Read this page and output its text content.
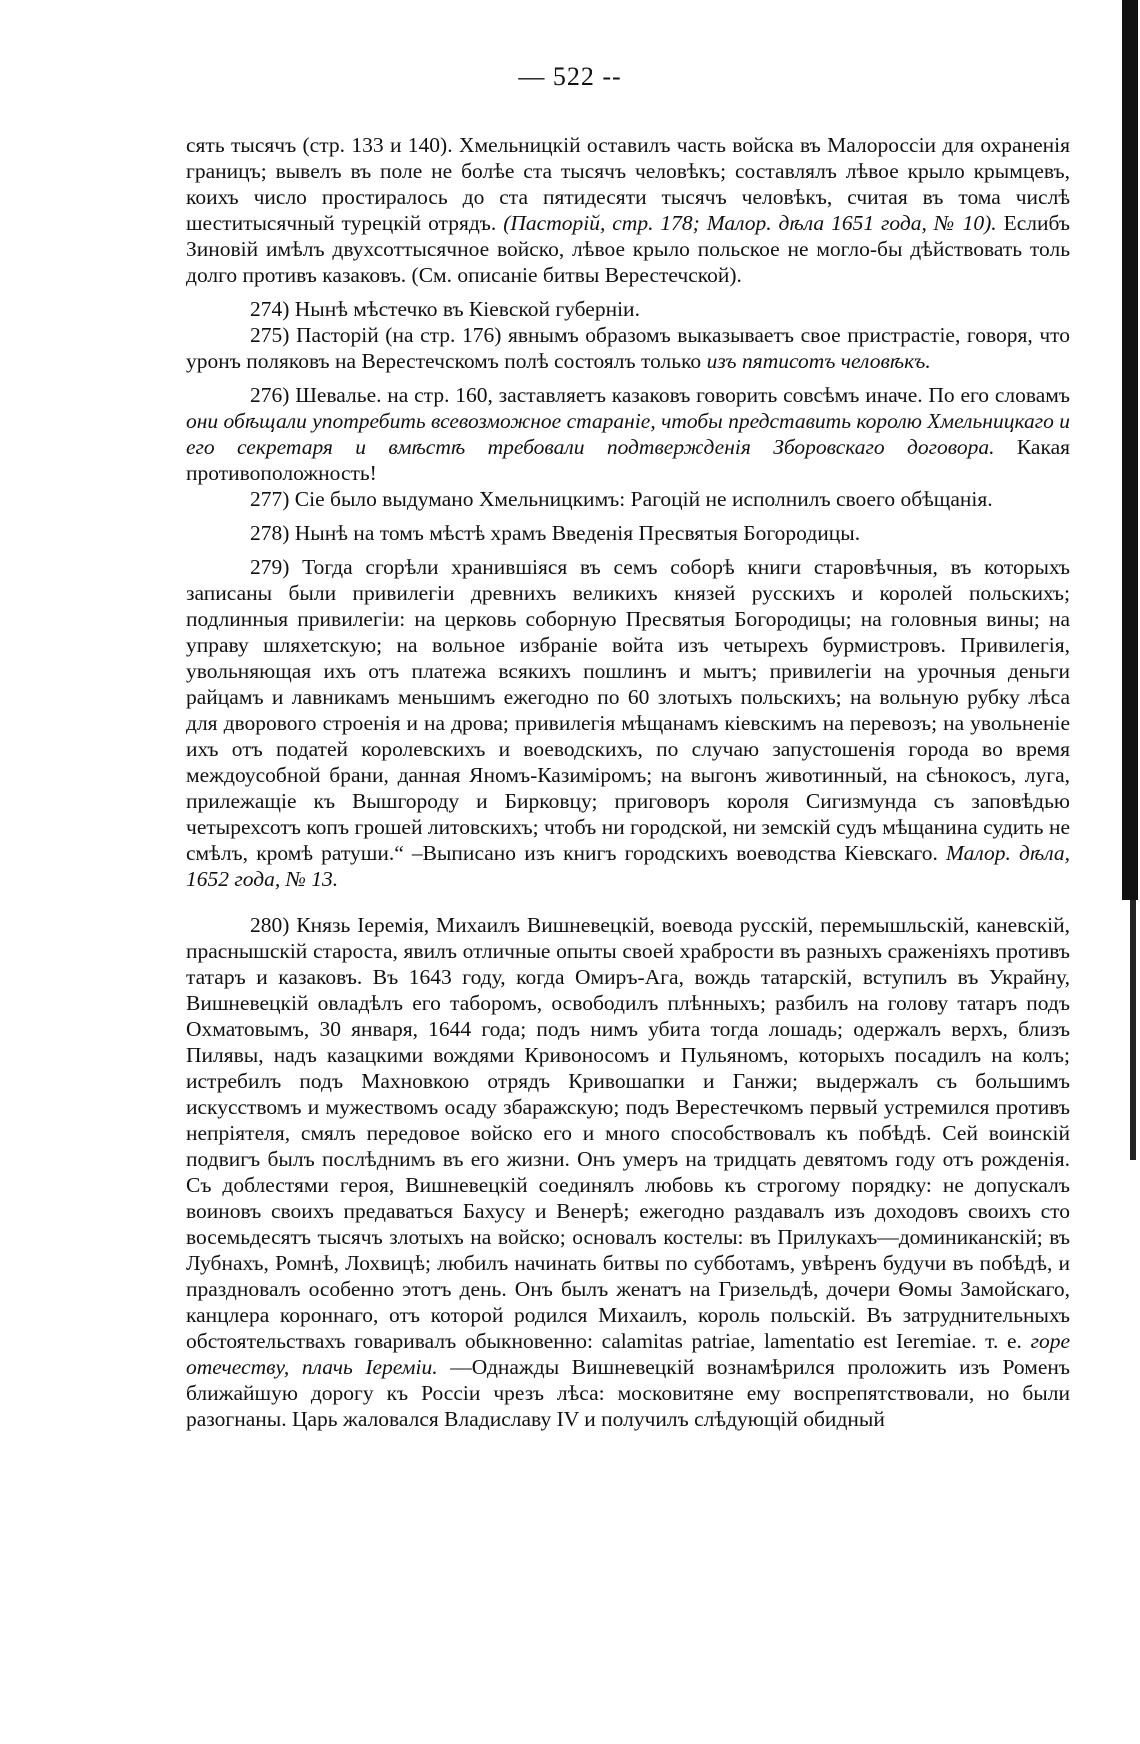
— 522 --

сять тысячъ (стр. 133 и 140). Хмельницкій оставилъ часть войска въ Малороссіи для охраненія границъ; вывелъ въ поле не болѣе ста тысячъ человѣкъ; составлялъ лѣвое крыло крымцевъ, коихъ число простиралось до ста пятидесяти тысячъ человѣкъ, считая въ тома числѣ шеститысячный турецкій отрядъ. (Пасторій, стр. 178; Малор. дѣла 1651 года, № 10). Еслибъ Зиновій имѣлъ двухсоттысячное войско, лѣвое крыло польское не могло-бы дѣйствовать толь долго противъ казаковъ. (См. описаніе битвы Верестечской).

274) Нынѣ мѣстечко въ Кіевской губерніи.

275) Пасторій (на стр. 176) явнымъ образомъ выказываетъ свое пристрастіе, говоря, что уронъ поляковъ на Верестечскомъ полѣ состоялъ только изъ пятисотъ человѣкъ.

276) Шевалье. на стр. 160, заставляетъ казаковъ говорить совсѣмъ иначе. По его словамъ они обѣщали употребить всевозможное стараніе, чтобы представить королю Хмельницкаго и его секретаря и вмѣстѣ требовали подтвержденія Зборовскаго договора. Какая противоположность!

277) Сіе было выдумано Хмельницкимъ: Рагоцій не исполнилъ своего обѣщанія.

278) Нынѣ на томъ мѣстѣ храмъ Введенія Пресвятыя Богородицы.

279) Тогда сгорѣли хранившіяся въ семъ соборѣ книги старовѣчныя, въ которыхъ записаны были привилегіи древнихъ великихъ князей русскихъ и королей польскихъ; подлинныя привилегіи: на церковь соборную Пресвятыя Богородицы; на головныя вины; на управу шляхетскую; на вольное избраніе войта изъ четырехъ бурмистровъ. Привилегія, увольняющая ихъ отъ платежа всякихъ пошлинъ и мытъ; привилегіи на урочныя деньги райцамъ и лавникамъ меньшимъ ежегодно по 60 злотыхъ польскихъ; на вольную рубку лѣса для дворового строенія и на дрова; привилегія мѣщанамъ кіевскимъ на перевозъ; на увольненіе ихъ отъ податей королевскихъ и воеводскихъ, по случаю запустошенія города во время междоусобной брани, данная Яномъ-Казиміромъ; на выгонъ животинный, на сѣнокосъ, луга, прилежащіе къ Вышгороду и Бирковцу; приговоръ короля Сигизмунда съ заповѣдью четырехсотъ копъ грошей литовскихъ; чтобъ ни городской, ни земскій судъ мѣщанина судить не смѣлъ, кромѣ ратуши.“ –Выписано изъ книгъ городскихъ воеводства Кіевскаго. Малор. дѣла, 1652 года, № 13.

280) Князь Іеремія, Михаилъ Вишневецкій, воевода русскій, перемышльскій, каневскій, праснышскій староста, явилъ отличные опыты своей храбрости въ разныхъ сраженіяхъ противъ татаръ и казаковъ. Въ 1643 году, когда Омиръ-Ага, вождь татарскій, вступилъ въ Украйну, Вишневецкій овладѣлъ его таборомъ, освободилъ плѣнныхъ; разбилъ на голову татаръ подъ Охматовымъ, 30 января, 1644 года; подъ нимъ убита тогда лошадь; одержалъ верхъ, близъ Пилявы, надъ казацкими вождями Кривоносомъ и Пульяномъ, которыхъ посадилъ на колъ; истребилъ подъ Махновкою отрядъ Кривошапки и Ганжи; выдержалъ съ большимъ искусствомъ и мужествомъ осаду збаражскую; подъ Верестечкомъ первый устремился противъ непріятеля, смялъ передовое войско его и много способствовалъ къ побѣдѣ. Сей воинскій подвигъ былъ послѣднимъ въ его жизни. Онъ умеръ на тридцать девятомъ году отъ рожденія. Съ доблестями героя, Вишневецкій соединялъ любовь къ строгому порядку: не допускалъ воиновъ своихъ предаваться Бахусу и Венерѣ; ежегодно раздавалъ изъ доходовъ своихъ сто восемьдесятъ тысячъ злотыхъ на войско; основалъ костелы: въ Прилукахъ—доминиканскій; въ Лубнахъ, Ромнѣ, Лохвицѣ; любилъ начинать битвы по субботамъ, увѣренъ будучи въ побѣдѣ, и праздновалъ особенно этотъ день. Онъ былъ женатъ на Гризельдѣ, дочери Ѳомы Замойскаго, канцлера короннаго, отъ которой родился Михаилъ, король польскій. Въ затруднительныхъ обстоятельствахъ говаривалъ обыкновенно: calamitas patriae, lamentatio est Ieremiae. т. е. горе отечеству, плачь Іереміи. —Однажды Вишневецкій вознамѣрился проложить изъ Роменъ ближайшую дорогу къ Россіи чрезъ лѣса: московитяне ему воспрепятствовали, но были разогнаны. Царь жаловался Владиславу IV и получилъ слѣдующій обидный
